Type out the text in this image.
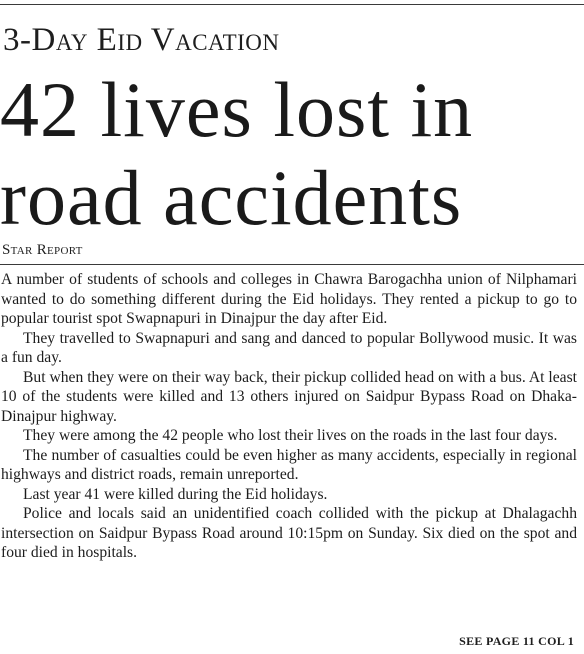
3-Day Eid Vacation
42 lives lost in
road accidents
Star Report

A number of students of schools and colleges in Chawra Barogachha union of Nilphamari wanted to do something different during the Eid holidays. They rented a pickup to go to popular tourist spot Swapnapuri in Dinajpur the day after Eid.

They travelled to Swapnapuri and sang and danced to popular Bollywood music. It was a fun day.

But when they were on their way back, their pickup collided head on with a bus. At least 10 of the students were killed and 13 others injured on Saidpur Bypass Road on Dhaka-Dinajpur highway.

They were among the 42 people who lost their lives on the roads in the last four days.

The number of casualties could be even higher as many accidents, especially in regional highways and district roads, remain unreported.

Last year 41 were killed during the Eid holidays.

Police and locals said an unidentified coach collided with the pickup at Dhalagachh intersection on Saidpur Bypass Road around 10:15pm on Sunday. Six died on the spot and four died in hospitals.

SEE PAGE 11 COL 1
